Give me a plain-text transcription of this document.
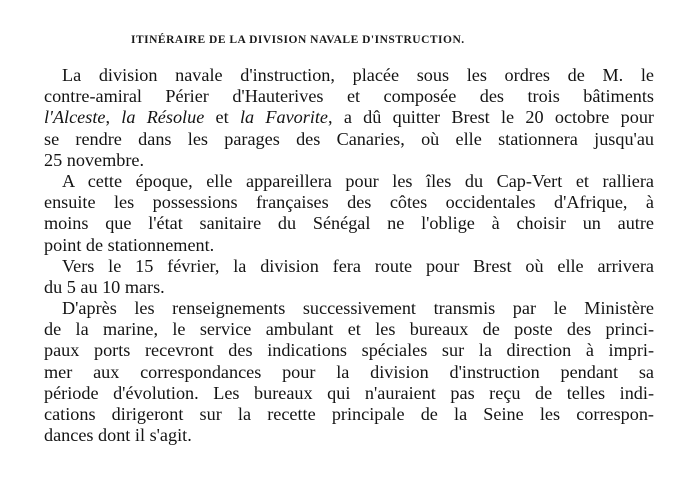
ITINÉRAIRE DE LA DIVISION NAVALE D'INSTRUCTION.
La division navale d'instruction, placée sous les ordres de M. le
contre-amiral Périer d'Hauterives et composée des trois bâtiments
l'Alceste, la Résolue et la Favorite, a dû quitter Brest le 20 octobre pour
se rendre dans les parages des Canaries, où elle stationnera jusqu'au
25 novembre.
A cette époque, elle appareillera pour les îles du Cap-Vert et ralliera
ensuite les possessions françaises des côtes occidentales d'Afrique, à
moins que l'état sanitaire du Sénégal ne l'oblige à choisir un autre
point de stationnement.
Vers le 15 février, la division fera route pour Brest où elle arrivera
du 5 au 10 mars.
D'après les renseignements successivement transmis par le Ministère
de la marine, le service ambulant et les bureaux de poste des princi-
paux ports recevront des indications spéciales sur la direction à impri-
mer aux correspondances pour la division d'instruction pendant sa
période d'évolution. Les bureaux qui n'auraient pas reçu de telles indi-
cations dirigeront sur la recette principale de la Seine les correspon-
dances dont il s'agit.
